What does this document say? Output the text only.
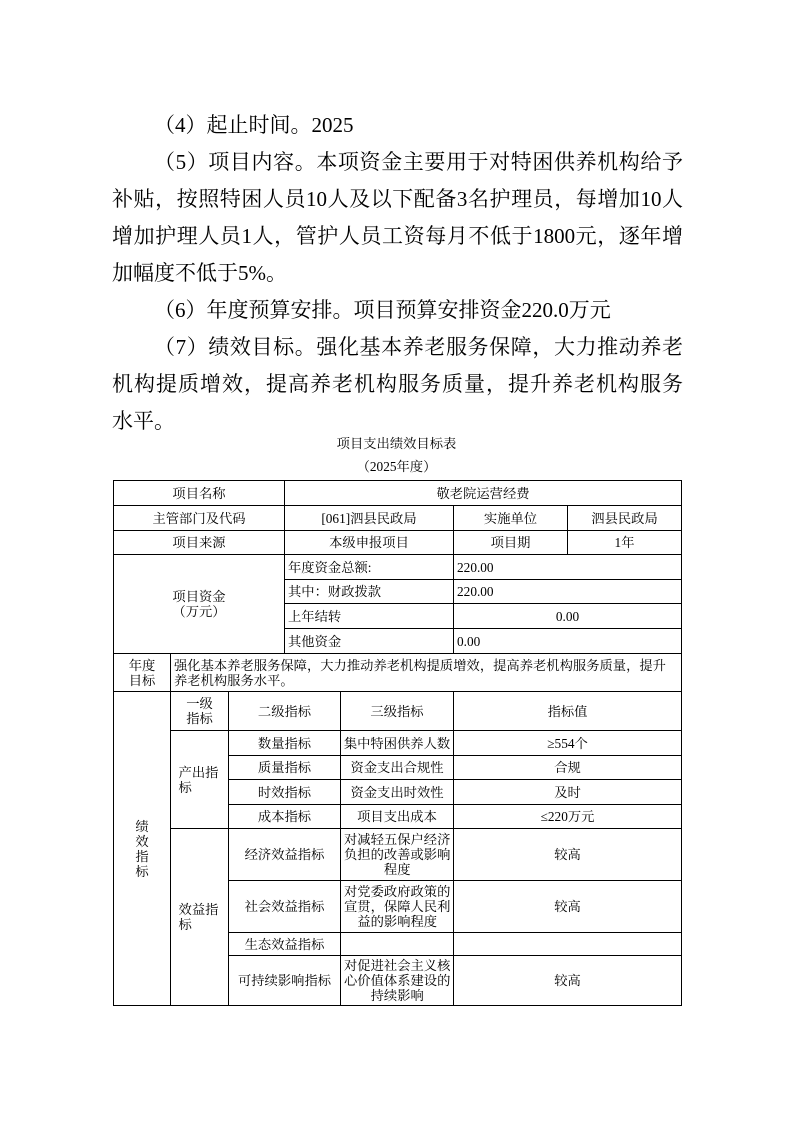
（4）起止时间。2025
（5）项目内容。本项资金主要用于对特困供养机构给予
补贴，按照特困人员10人及以下配备3名护理员，每增加10人
增加护理人员1人，管护人员工资每月不低于1800元，逐年增
加幅度不低于5%。
（6）年度预算安排。项目预算安排资金220.0万元
（7）绩效目标。强化基本养老服务保障，大力推动养老
机构提质增效，提高养老机构服务质量，提升养老机构服务
水平。
项目支出绩效目标表
（2025年度）
项目名称			敬老院运营经费			
主管部门及代码			[061]泗县民政局		实施单位	泗县民政局
项目来源			本级申报项目		项目期	1年
项目资金（万元）			年度资金总额:		220.00	
			其中：财政拨款		220.00	
			上年结转		0.00	
			其他资金		0.00	
年度目标	强化基本养老服务保障，大力推动养老机构提质增效，提高养老机构服务质量，提升养老机构服务水平。					
绩效指标	一级指标	二级指标		三级指标	指标值	
	产出指标	数量指标		集中特困供养人数	≥554个	
		质量指标		资金支出合规性	合规	
		时效指标		资金支出时效性	及时	
		成本指标		项目支出成本	≤220万元	
	效益指标	经济效益指标		对减轻五保户经济负担的改善或影响程度	较高	
		社会效益指标		对党委政府政策的宣贯，保障人民利益的影响程度	较高	
		生态效益指标				
		可持续影响指标		对促进社会主义核心价值体系建设的持续影响	较高	
